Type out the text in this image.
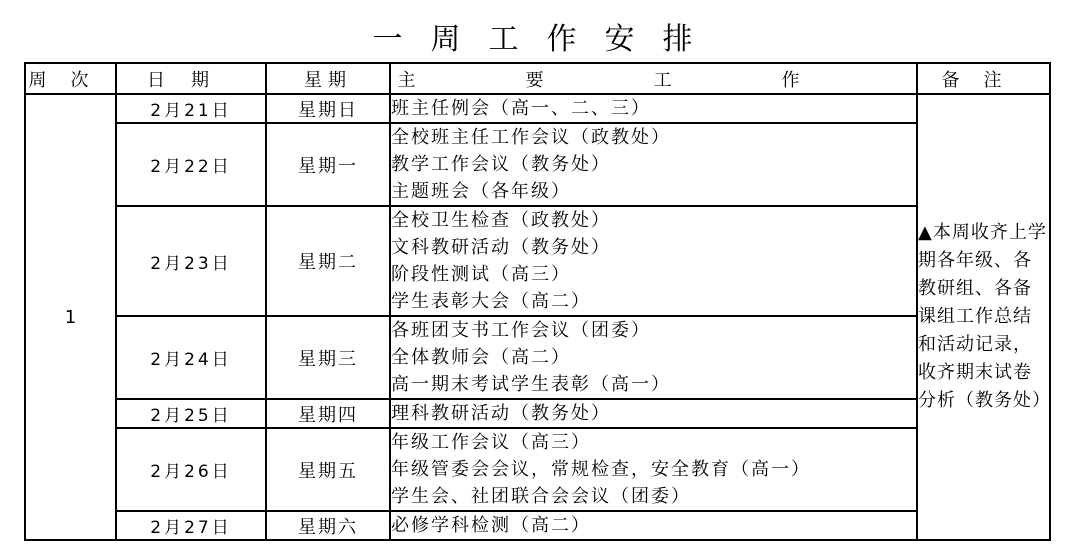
一周工作安排
周次	日期	星期	主要工作	备注
1	2月21日	星期日	班主任例会（高一、二、三）	▲本周收齐上学期各年级、各教研组、各备课组工作总结和活动记录，收齐期末试卷分析（教务处）

	2月22日	星期一	全校班主任工作会议（政教处）
教学工作会议（教务处）
主题班会（各年级）	

	2月23日	星期二	全校卫生检查（政教处）
文科教研活动（教务处）
阶段性测试（高三）
学生表彰大会（高二）	

	2月24日	星期三	各班团支书工作会议（团委）
全体教师会（高二）
高一期末考试学生表彰（高一）	

	2月25日	星期四	理科教研活动（教务处）	

	2月26日	星期五	年级工作会议（高三）
年级管委会会议，常规检查，安全教育（高一）
学生会、社团联合会会议（团委）	

	2月27日	星期六	必修学科检测（高二）	
